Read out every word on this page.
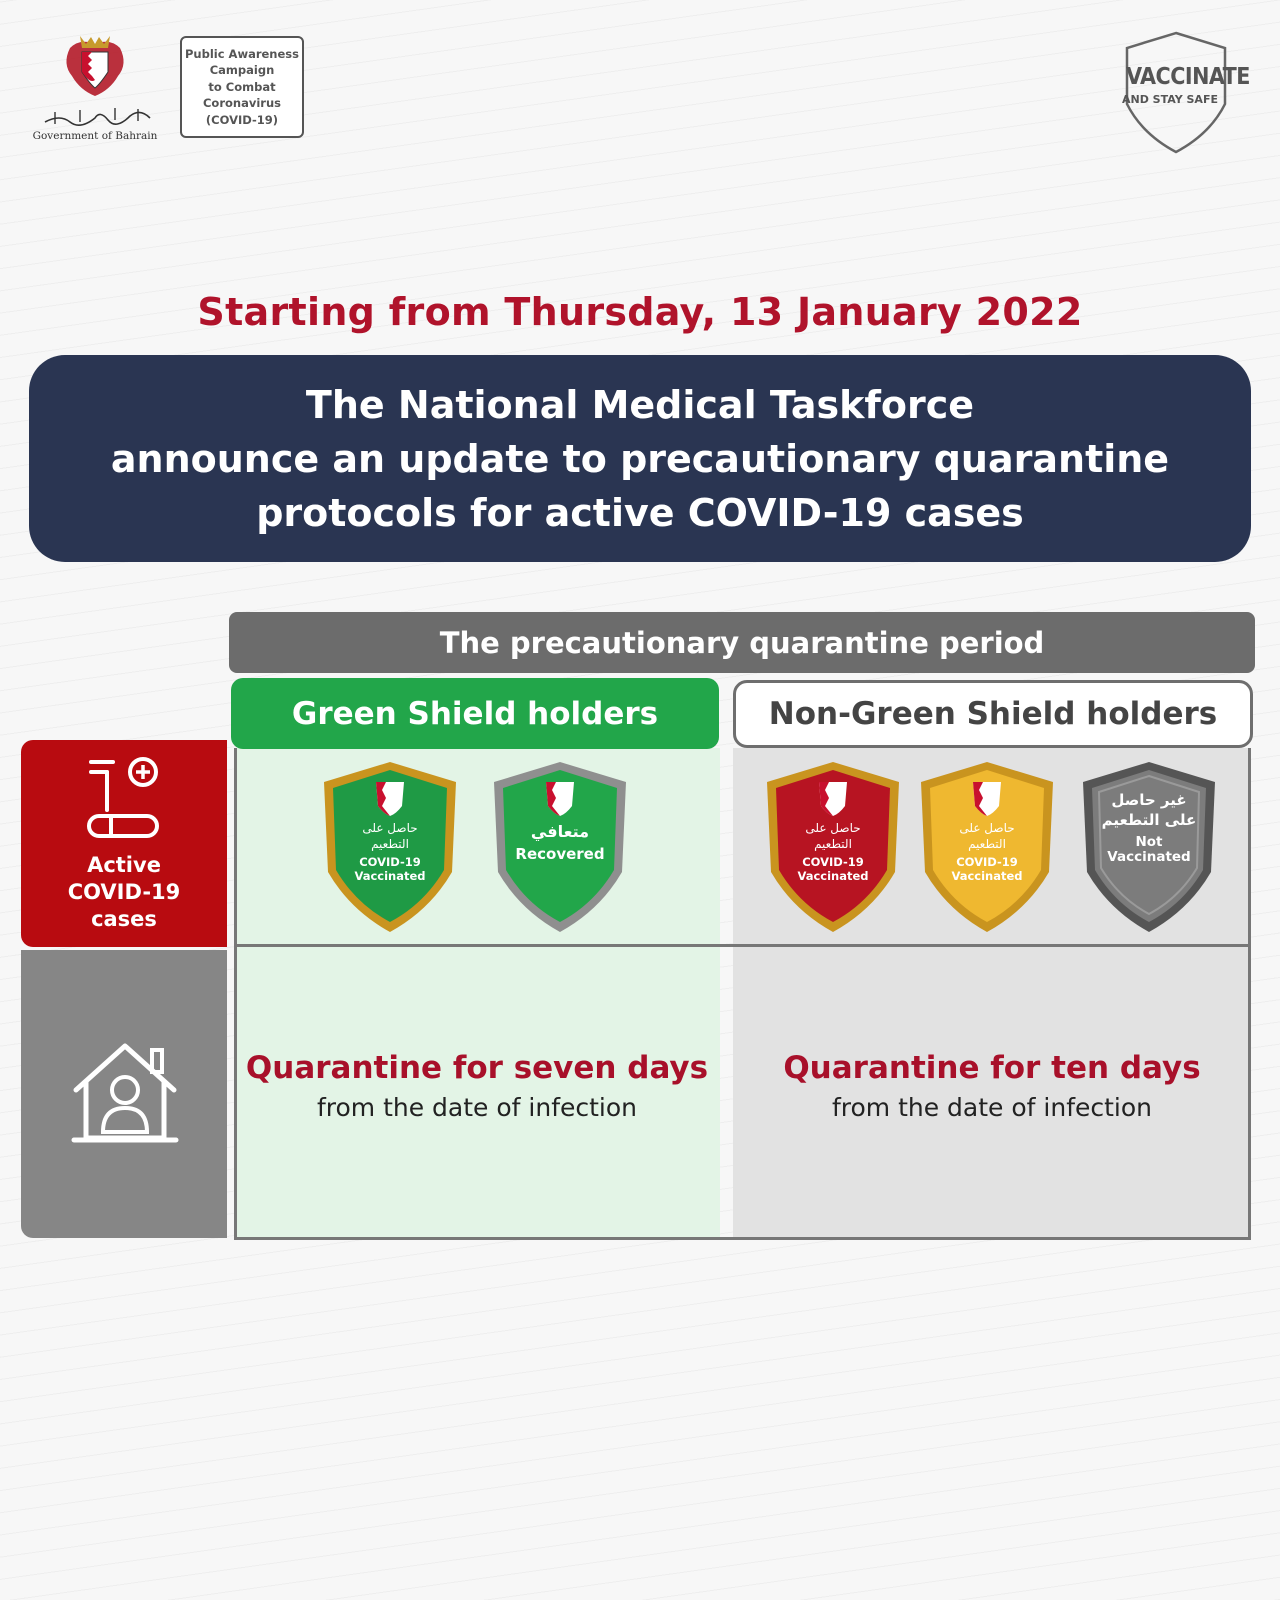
Government of Bahrain
Public Awareness
Campaign
to Combat
Coronavirus
(COVID-19)
VACCINATE
AND STAY SAFE
Starting from Thursday, 13 January 2022
The National Medical Taskforce
announce an update to precautionary quarantine
protocols for active COVID-19 cases
The precautionary quarantine period
Green Shield holders	Non-Green Shield holders
Active
COVID-19
cases
حاصل على
التطعيم
COVID-19
Vaccinated
متعافي
Recovered
حاصل على
التطعيم
COVID-19
Vaccinated
حاصل على
التطعيم
COVID-19
Vaccinated
غير حاصل
على التطعيم
Not
Vaccinated
Quarantine for seven days
from the date of infection
Quarantine for ten days
from the date of infection
